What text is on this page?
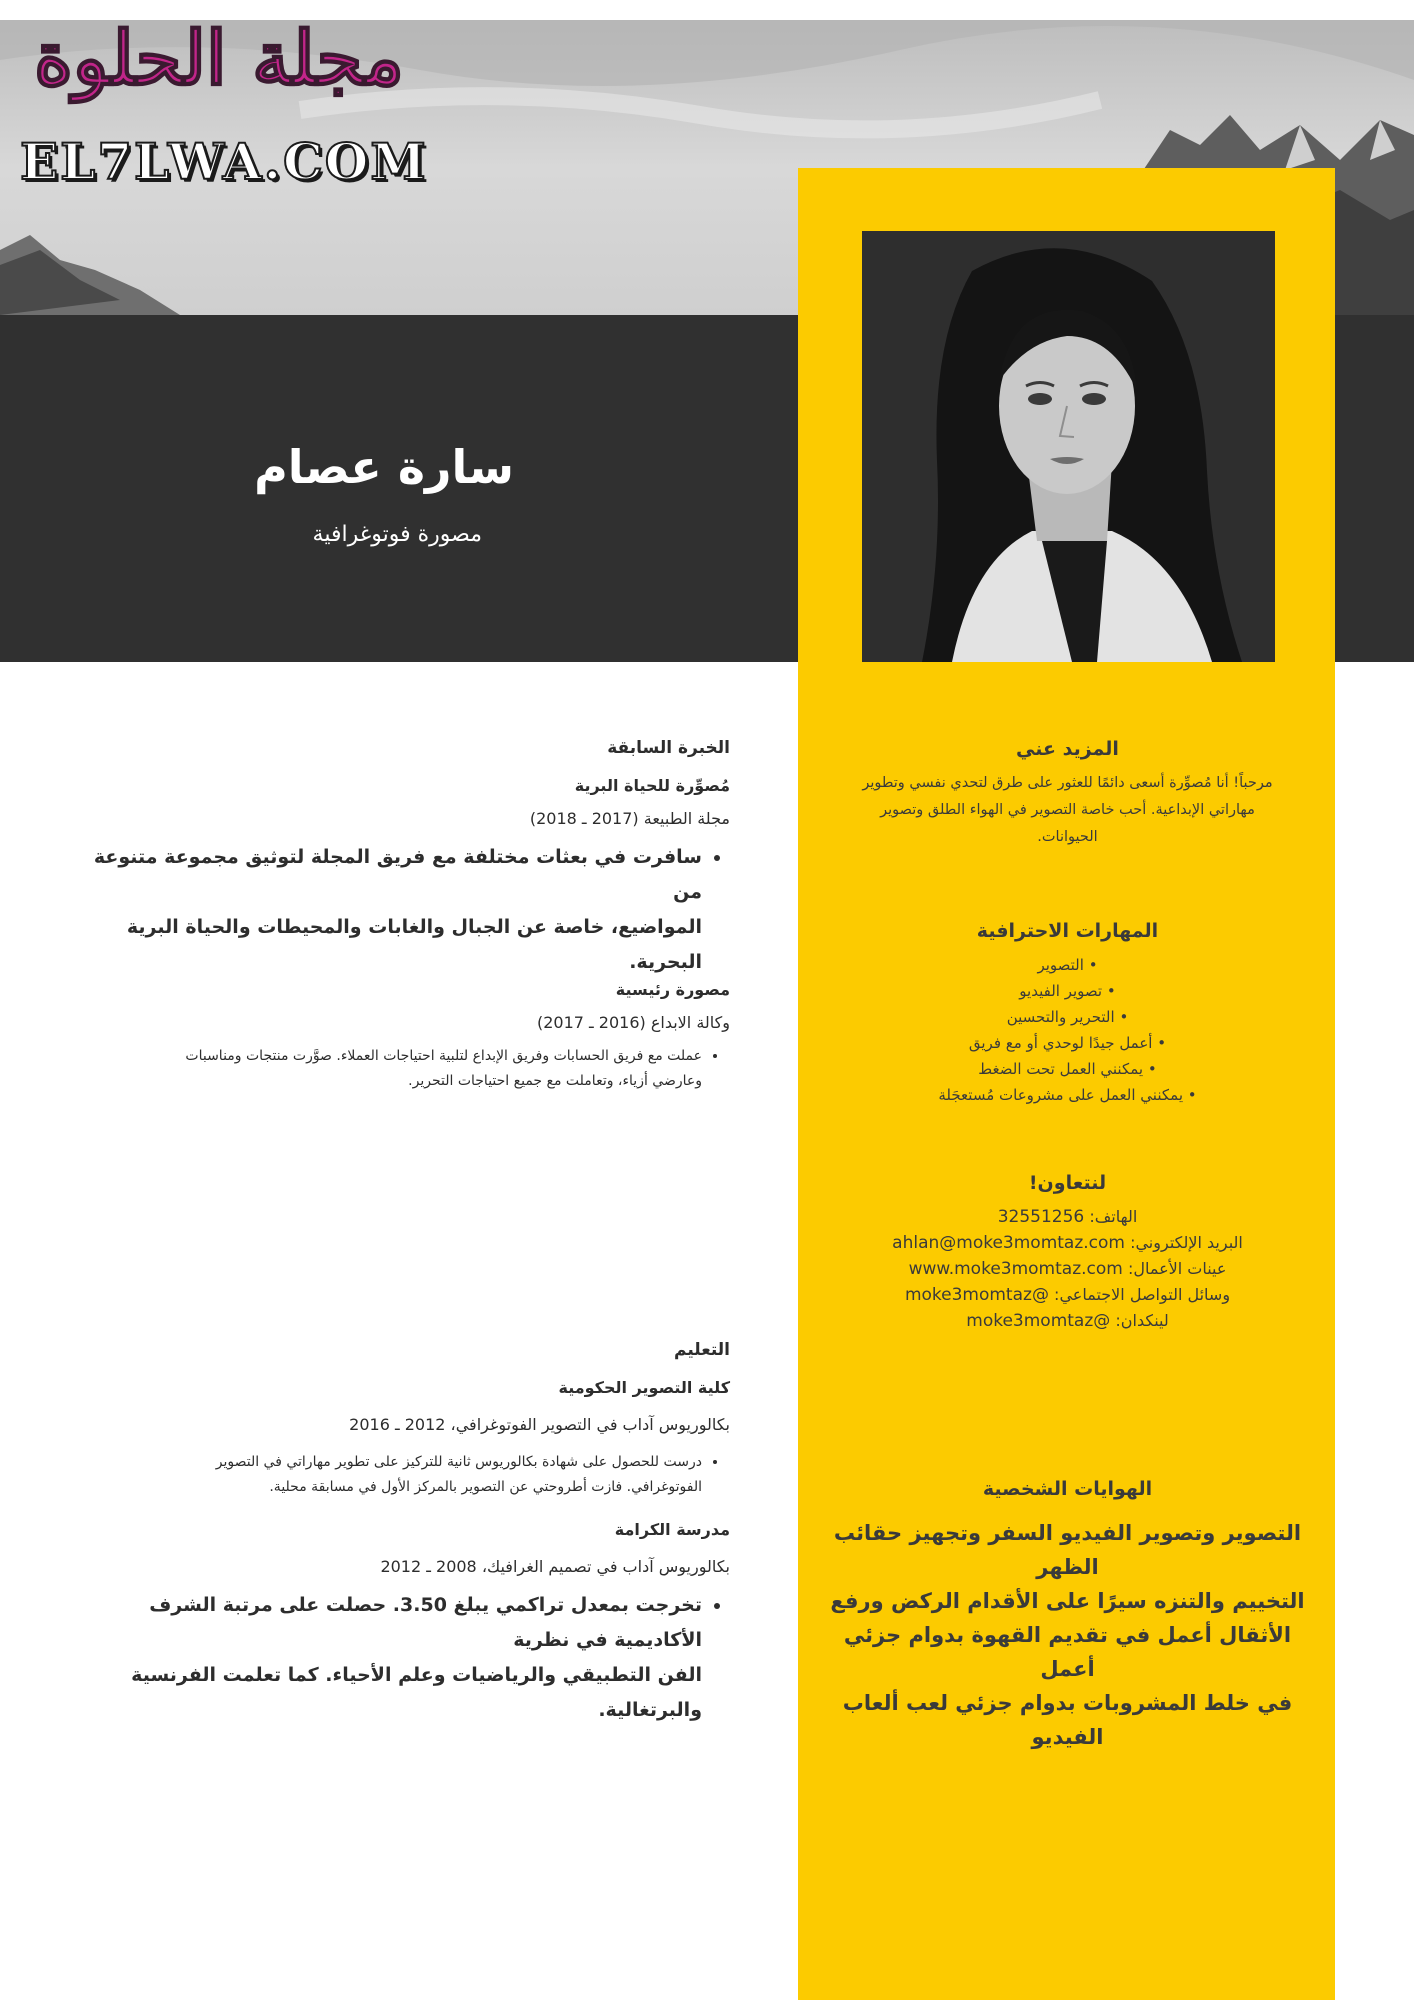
مجلة الحلوة
EL7LWA.COM
سارة عصام
مصورة فوتوغرافية
المزيد عني
مرحباً! أنا مُصوِّرة أسعى دائمًا للعثور على طرق لتحدي نفسي وتطوير
مهاراتي الإبداعية. أحب خاصة التصوير في الهواء الطلق وتصوير
الحيوانات.
المهارات الاحترافية
• التصوير
• تصوير الفيديو
• التحرير والتحسين
• أعمل جيدًا لوحدي أو مع فريق
• يمكنني العمل تحت الضغط
• يمكنني العمل على مشروعات مُستعجَلة
لنتعاون!
الهاتف: 32551256
البريد الإلكتروني: ahlan@moke3momtaz.com
عينات الأعمال: www.moke3momtaz.com
وسائل التواصل الاجتماعي: @moke3momtaz
لينكدان: @moke3momtaz
الهوايات الشخصية
التصوير وتصوير الفيديو السفر وتجهيز حقائب الظهر
التخييم والتنزه سيرًا على الأقدام الركض ورفع
الأثقال أعمل في تقديم القهوة بدوام جزئي أعمل
في خلط المشروبات بدوام جزئي لعب ألعاب الفيديو
الخبرة السابقة
مُصوِّرة للحياة البرية
مجلة الطبيعة (2017 ـ 2018)
• سافرت في بعثات مختلفة مع فريق المجلة لتوثيق مجموعة متنوعة من
المواضيع، خاصة عن الجبال والغابات والمحيطات والحياة البرية البحرية.
مصورة رئيسية
وكالة الابداع (2016 ـ 2017)
• عملت مع فريق الحسابات وفريق الإبداع لتلبية احتياجات العملاء. صوَّرت منتجات ومناسبات
وعارضي أزياء، وتعاملت مع جميع احتياجات التحرير.
التعليم
كلية التصوير الحكومية
بكالوريوس آداب في التصوير الفوتوغرافي، 2012 ـ 2016
• درست للحصول على شهادة بكالوريوس ثانية للتركيز على تطوير مهاراتي في التصوير
الفوتوغرافي. فازت أطروحتي عن التصوير بالمركز الأول في مسابقة محلية.
مدرسة الكرامة
بكالوريوس آداب في تصميم الغرافيك، 2008 ـ 2012
• تخرجت بمعدل تراكمي يبلغ 3.50. حصلت على مرتبة الشرف الأكاديمية في نظرية
الفن التطبيقي والرياضيات وعلم الأحياء. كما تعلمت الفرنسية والبرتغالية.
